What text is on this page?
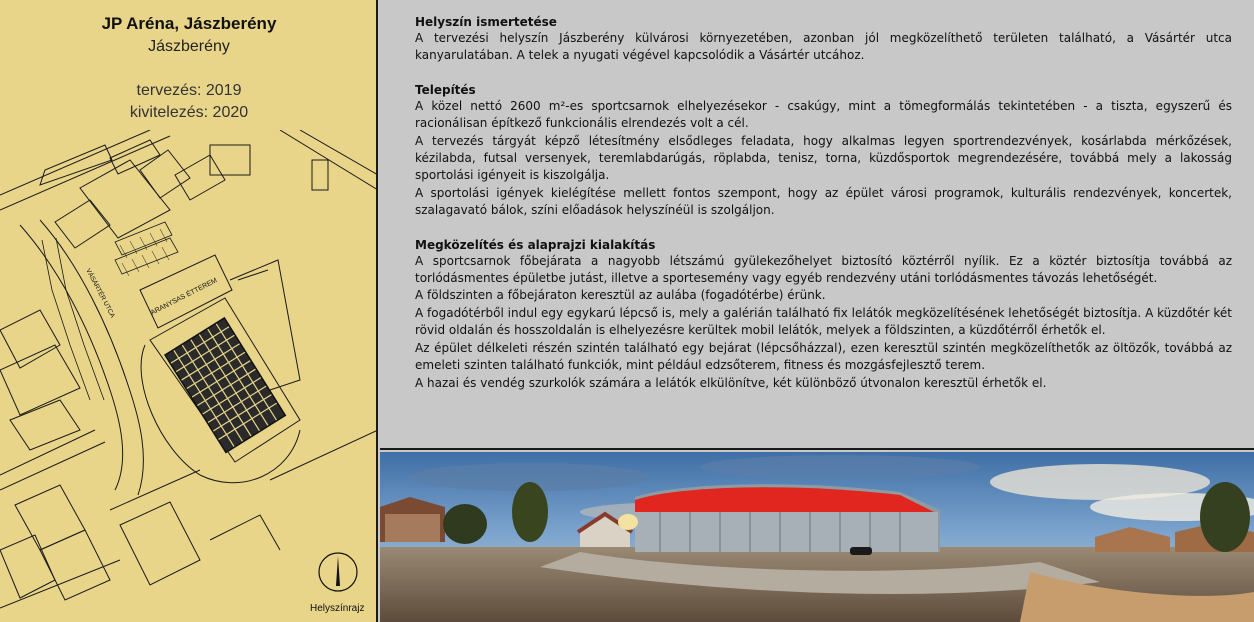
JP Aréna, Jászberény
Jászberény
tervezés: 2019
kivitelezés: 2020
VÁSÁRTÉR UTCA	ARANYSAS ÉTTEREM
Helyszínrajz
Helyszín ismertetése

A tervezési helyszín Jászberény külvárosi környezetében, azonban jól megközelíthető területen található, a Vásártér utca kanyarulatában. A telek a nyugati végével kapcsolódik a Vásártér utcához.

Telepítés

A közel nettó 2600 m²-es sportcsarnok elhelyezésekor - csakúgy, mint a tömegformálás tekintetében - a tiszta, egyszerű és racionálisan építkező funkcionális elrendezés volt a cél.

A tervezés tárgyát képző létesítmény elsődleges feladata, hogy alkalmas legyen sportrendezvények, kosárlabda mérkőzések, kézilabda, futsal versenyek, teremlabdarúgás, röplabda, tenisz, torna, küzdősportok megrendezésére, továbbá mely a lakosság sportolási igényeit is kiszolgálja.

A sportolási igények kielégítése mellett fontos szempont, hogy az épület városi programok, kulturális rendezvények, koncertek, szalagavató bálok, színi előadások helyszínéül is szolgáljon.

Megközelítés és alaprajzi kialakítás

A sportcsarnok főbejárata a nagyobb létszámú gyülekezőhelyet biztosító köztérről nyílik. Ez a köztér biztosítja továbbá az torlódásmentes épületbe jutást, illetve a sportesemény vagy egyéb rendezvény utáni torlódásmentes távozás lehetőségét.

A földszinten a főbejáraton keresztül az aulába (fogadótérbe) érünk.

A fogadótérből indul egy egykarú lépcső is, mely a galérián található fix lelátók megközelítésének lehetőségét biztosítja. A küzdőtér két rövid oldalán és hosszoldalán is elhelyezésre kerültek mobil lelátók, melyek a földszinten, a küzdőtérről érhetők el.

Az épület délkeleti részén szintén található egy bejárat (lépcsőházzal), ezen keresztül szintén megközelíthetők az öltözők, továbbá az emeleti szinten található funkciók, mint például edzsőterem, fitness és mozgásfejlesztő terem.

A hazai és vendég szurkolók számára a lelátók elkülönítve, két különböző útvonalon keresztül érhetők el.
